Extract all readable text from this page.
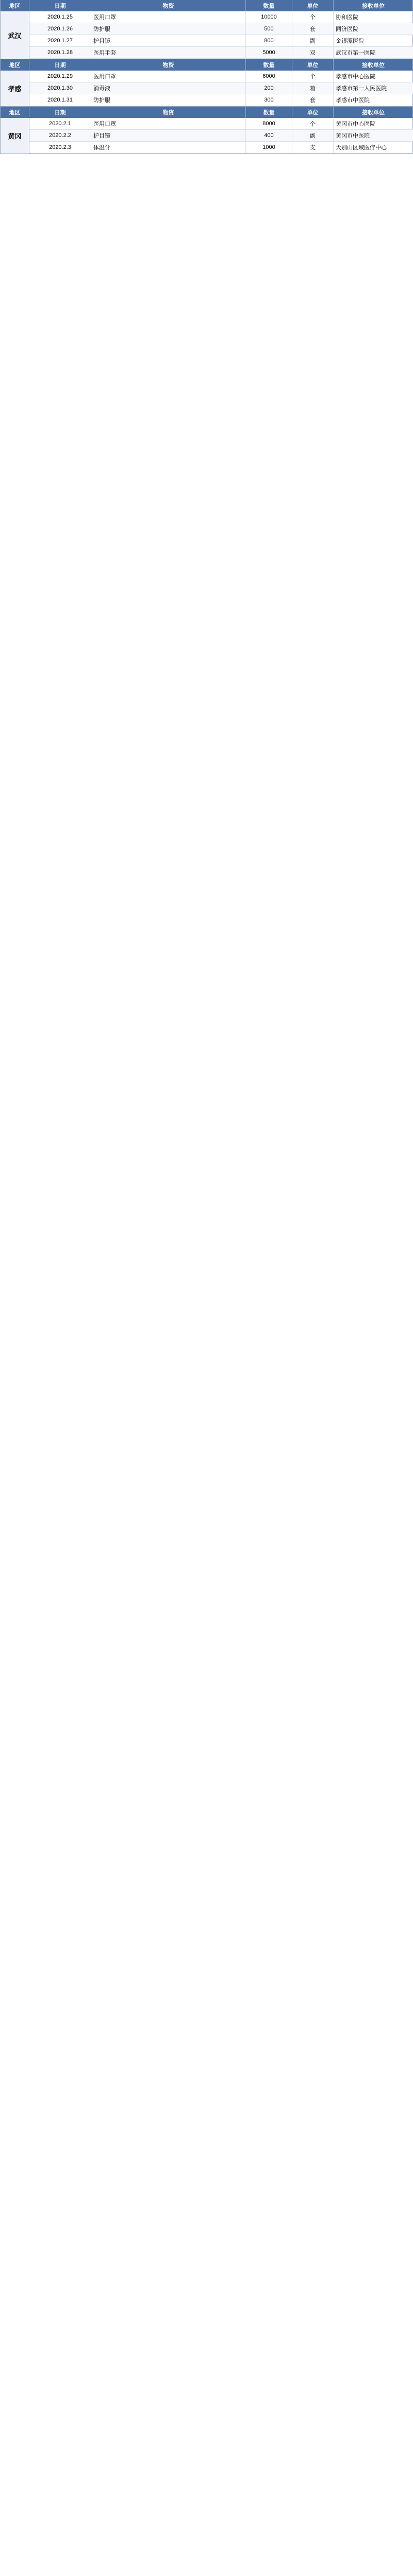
地区	日期	物资	数量	单位	接收单位
武汉
2020.1.25	医用口罩	10000	个	协和医院
2020.1.26	防护服	500	套	同济医院
2020.1.27	护目镜	800	副	金银潭医院
2020.1.28	医用手套	5000	双	武汉市第一医院
地区	日期	物资	数量	单位	接收单位
孝感
2020.1.29	医用口罩	6000	个	孝感市中心医院
2020.1.30	消毒液	200	箱	孝感市第一人民医院
2020.1.31	防护服	300	套	孝感市中医院
地区	日期	物资	数量	单位	接收单位
黄冈
2020.2.1	医用口罩	8000	个	黄冈市中心医院
2020.2.2	护目镜	400	副	黄冈市中医院
2020.2.3	体温计	1000	支	大别山区域医疗中心
